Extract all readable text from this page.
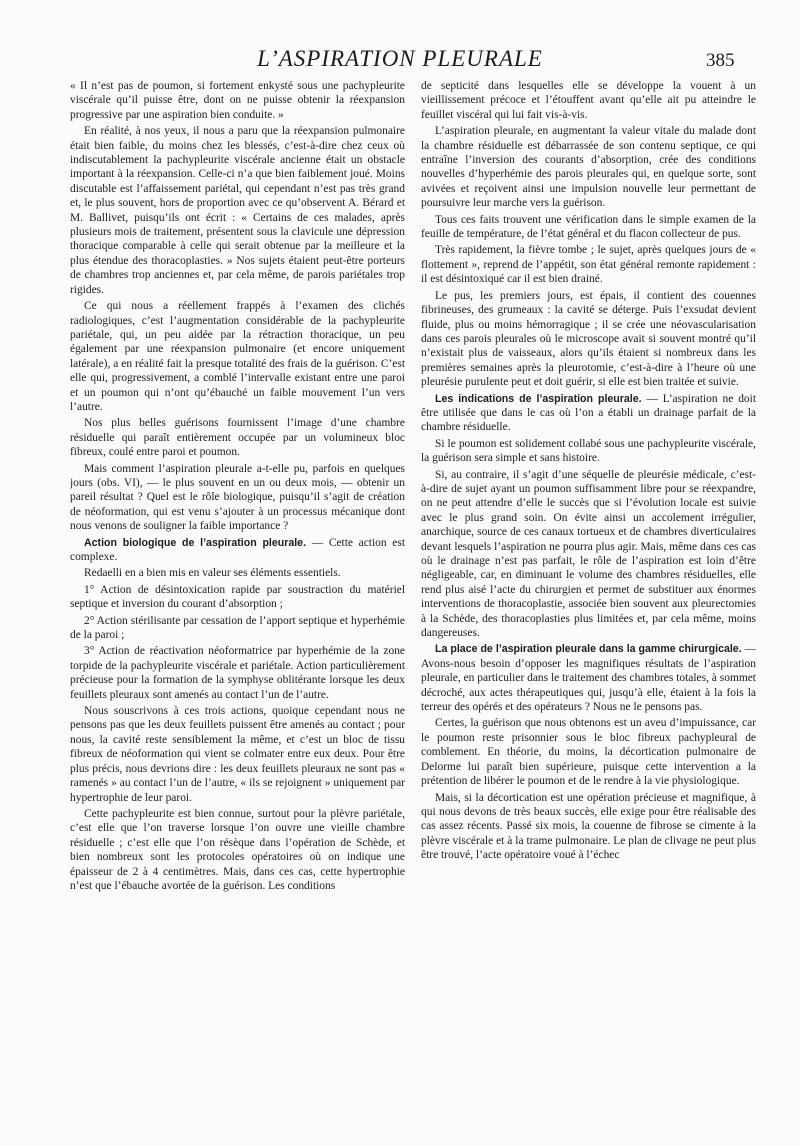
L’ASPIRATION PLEURALE	385

« Il n’est pas de poumon, si fortement enkysté sous une pachypleurite viscérale qu’il puisse être, dont on ne puisse obtenir la réexpansion progressive par une aspiration bien conduite. »

En réalité, à nos yeux, il nous a paru que la réexpansion pulmonaire était bien faible, du moins chez les blessés, c’est-à-dire chez ceux où indiscutablement la pachypleurite viscérale ancienne était un obstacle important à la réexpansion. Celle-ci n’a que bien faiblement joué. Moins discutable est l’affaissement pariétal, qui cependant n’est pas très grand et, le plus souvent, hors de proportion avec ce qu’observent A. Bérard et M. Ballivet, puisqu’ils ont écrit : « Certains de ces malades, après plusieurs mois de traitement, présentent sous la clavicule une dépression thoracique comparable à celle qui serait obtenue par la meilleure et la plus étendue des thoracoplasties. » Nos sujets étaient peut-être porteurs de chambres trop anciennes et, par cela même, de parois pariétales trop rigides.

Ce qui nous a réellement frappés à l’examen des clichés radiologiques, c’est l’augmentation considérable de la pachypleurite pariétale, qui, un peu aidée par la rétraction thoracique, un peu également par une réexpansion pulmonaire (et encore uniquement latérale), a en réalité fait la presque totalité des frais de la guérison. C’est elle qui, progressivement, a comblé l’intervalle existant entre une paroi et un poumon qui n’ont qu’ébauché un faible mouvement l’un vers l’autre.

Nos plus belles guérisons fournissent l’image d’une chambre résiduelle qui paraît entièrement occupée par un volumineux bloc fibreux, coulé entre paroi et poumon.

Mais comment l’aspiration pleurale a-t-elle pu, parfois en quelques jours (obs. VI), — le plus souvent en un ou deux mois, — obtenir un pareil résultat ? Quel est le rôle biologique, puisqu’il s’agit de création de néoformation, qui est venu s’ajouter à un processus mécanique dont nous venons de souligner la faible importance ?

Action biologique de l’aspiration pleurale. — Cette action est complexe.

Redaelli en a bien mis en valeur ses éléments essentiels.

1° Action de désintoxication rapide par soustraction du matériel septique et inversion du courant d’absorption ;

2° Action stérilisante par cessation de l’apport septique et hyperhémie de la paroi ;

3° Action de réactivation néoformatrice par hyperhémie de la zone torpide de la pachypleurite viscérale et pariétale. Action particulièrement précieuse pour la formation de la symphyse oblitérante lorsque les deux feuillets pleuraux sont amenés au contact l’un de l’autre.

Nous souscrivons à ces trois actions, quoique cependant nous ne pensons pas que les deux feuillets puissent être amenés au contact ; pour nous, la cavité reste sensiblement la même, et c’est un bloc de tissu fibreux de néoformation qui vient se colmater entre eux deux. Pour être plus précis, nous devrions dire : les deux feuillets pleuraux ne sont pas « ramenés » au contact l’un de l’autre, « ils se rejoignent » uniquement par hypertrophie de leur paroi.

Cette pachypleurite est bien connue, surtout pour la plèvre pariétale, c’est elle que l’on traverse lorsque l’on ouvre une vieille chambre résiduelle ; c’est elle que l’on résèque dans l’opération de Schède, et bien nombreux sont les protocoles opératoires où on indique une épaisseur de 2 à 4 centimètres. Mais, dans ces cas, cette hypertrophie n’est que l’ébauche avortée de la guérison. Les conditions

de septicité dans lesquelles elle se développe la vouent à un vieillissement précoce et l’étouffent avant qu’elle ait pu atteindre le feuillet viscéral qui lui fait vis-à-vis.

L’aspiration pleurale, en augmentant la valeur vitale du malade dont la chambre résiduelle est débarrassée de son contenu septique, ce qui entraîne l’inversion des courants d’absorption, crée des conditions nouvelles d’hyperhémie des parois pleurales qui, en quelque sorte, sont avivées et reçoivent ainsi une impulsion nouvelle leur permettant de poursuivre leur marche vers la guérison.

Tous ces faits trouvent une vérification dans le simple examen de la feuille de température, de l’état général et du flacon collecteur de pus.

Très rapidement, la fièvre tombe ; le sujet, après quelques jours de « flottement », reprend de l’appétit, son état général remonte rapidement : il est désintoxiqué car il est bien drainé.

Le pus, les premiers jours, est épais, il contient des couennes fibrineuses, des grumeaux : la cavité se déterge. Puis l’exsudat devient fluide, plus ou moins hémorragique ; il se crée une néovascularisation dans ces parois pleurales où le microscope avait si souvent montré qu’il n’existait plus de vaisseaux, alors qu’ils étaient si nombreux dans les premières semaines après la pleurotomie, c’est-à-dire à l’heure où une pleurésie purulente peut et doit guérir, si elle est bien traitée et suivie.

Les indications de l’aspiration pleurale. — L’aspiration ne doit être utilisée que dans le cas où l’on a établi un drainage parfait de la chambre résiduelle.

Si le poumon est solidement collabé sous une pachypleurite viscérale, la guérison sera simple et sans histoire.

Si, au contraire, il s’agit d’une séquelle de pleurésie médicale, c’est-à-dire de sujet ayant un poumon suffisamment libre pour se réexpandre, on ne peut attendre d’elle le succès que si l’évolution locale est suivie avec le plus grand soin. On évite ainsi un accolement irrégulier, anarchique, source de ces canaux tortueux et de chambres diverticulaires devant lesquels l’aspiration ne pourra plus agir. Mais, même dans ces cas où le drainage n’est pas parfait, le rôle de l’aspiration est loin d’être négligeable, car, en diminuant le volume des chambres résiduelles, elle rend plus aisé l’acte du chirurgien et permet de substituer aux énormes interventions de thoracoplastie, associée bien souvent aux pleurectomies à la Schède, des thoracoplasties plus limitées et, par cela même, moins dangereuses.

La place de l’aspiration pleurale dans la gamme chirurgicale. — Avons-nous besoin d’opposer les magnifiques résultats de l’aspiration pleurale, en particulier dans le traitement des chambres totales, à sommet décroché, aux actes thérapeutiques qui, jusqu’à elle, étaient à la fois la terreur des opérés et des opérateurs ? Nous ne le pensons pas.

Certes, la guérison que nous obtenons est un aveu d’impuissance, car le poumon reste prisonnier sous le bloc fibreux pachypleural de comblement. En théorie, du moins, la décortication pulmonaire de Delorme lui paraît bien supérieure, puisque cette intervention a la prétention de libérer le poumon et de le rendre à la vie physiologique.

Mais, si la décortication est une opération précieuse et magnifique, à qui nous devons de très beaux succès, elle exige pour être réalisable des cas assez récents. Passé six mois, la couenne de fibrose se cimente à la plèvre viscérale et à la trame pulmonaire. Le plan de clivage ne peut plus être trouvé, l’acte opératoire voué à l’échec
